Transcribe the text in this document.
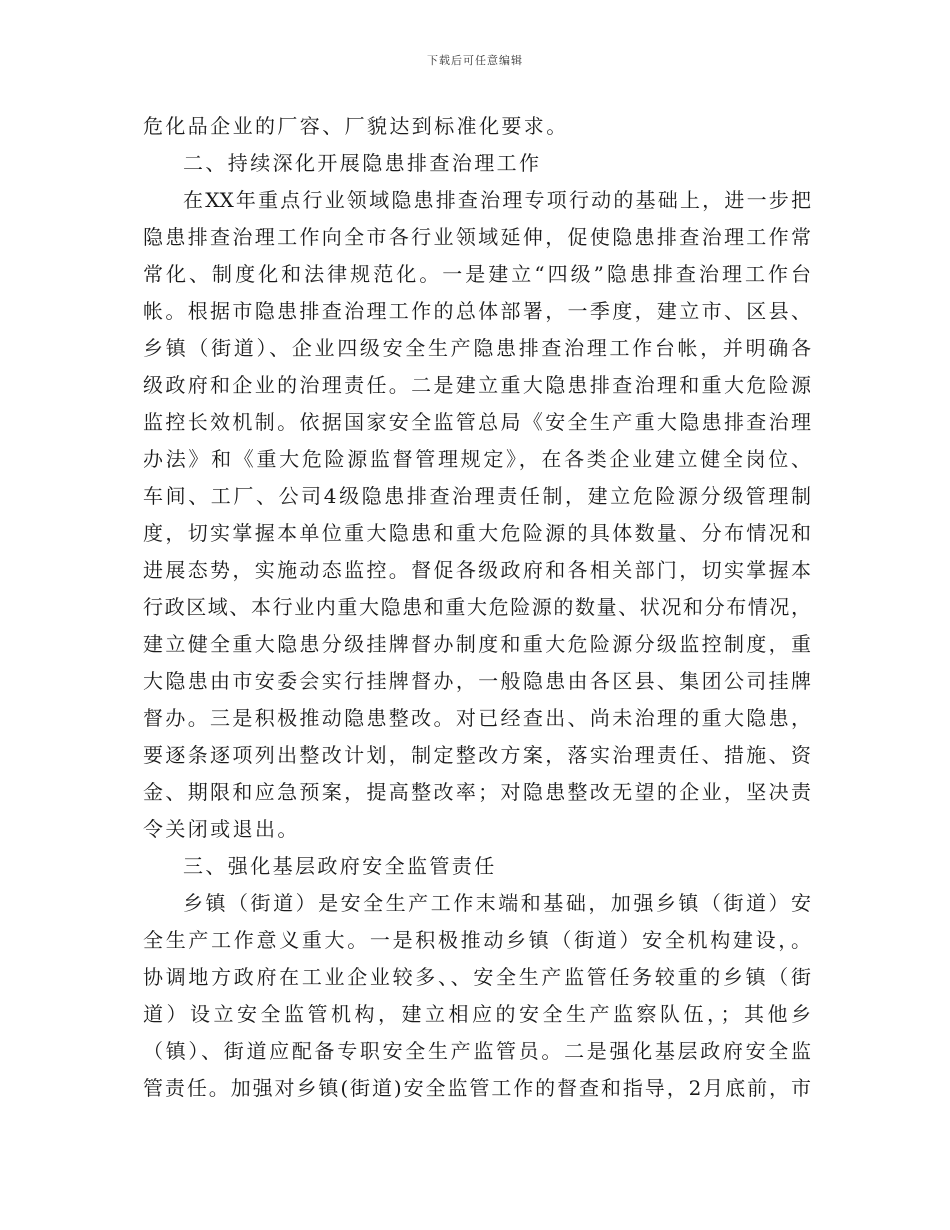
下载后可任意编辑
危化品企业的厂容、厂貌达到标准化要求。
二、持续深化开展隐患排查治理工作
在XX年重点行业领域隐患排查治理专项行动的基础上，进一步把
隐患排查治理工作向全市各行业领域延伸，促使隐患排查治理工作常
常化、制度化和法律规范化。一是建立“四级”隐患排查治理工作台
帐。根据市隐患排查治理工作的总体部署，一季度，建立市、区县、
乡镇（街道）、企业四级安全生产隐患排查治理工作台帐，并明确各
级政府和企业的治理责任。二是建立重大隐患排查治理和重大危险源
监控长效机制。依据国家安全监管总局《安全生产重大隐患排查治理
办法》和《重大危险源监督管理规定》，在各类企业建立健全岗位、
车间、工厂、公司4级隐患排查治理责任制，建立危险源分级管理制
度，切实掌握本单位重大隐患和重大危险源的具体数量、分布情况和
进展态势，实施动态监控。督促各级政府和各相关部门，切实掌握本
行政区域、本行业内重大隐患和重大危险源的数量、状况和分布情况，
建立健全重大隐患分级挂牌督办制度和重大危险源分级监控制度，重
大隐患由市安委会实行挂牌督办，一般隐患由各区县、集团公司挂牌
督办。三是积极推动隐患整改。对已经查出、尚未治理的重大隐患，
要逐条逐项列出整改计划，制定整改方案，落实治理责任、措施、资
金、期限和应急预案，提高整改率；对隐患整改无望的企业，坚决责
令关闭或退出。
三、强化基层政府安全监管责任
乡镇（街道）是安全生产工作末端和基础，加强乡镇（街道）安
全生产工作意义重大。一是积极推动乡镇（街道）安全机构建设，。
协调地方政府在工业企业较多、、安全生产监管任务较重的乡镇（街
道）设立安全监管机构，建立相应的安全生产监察队伍，；其他乡
（镇）、街道应配备专职安全生产监管员。二是强化基层政府安全监
管责任。加强对乡镇(街道)安全监管工作的督查和指导，2月底前，市
